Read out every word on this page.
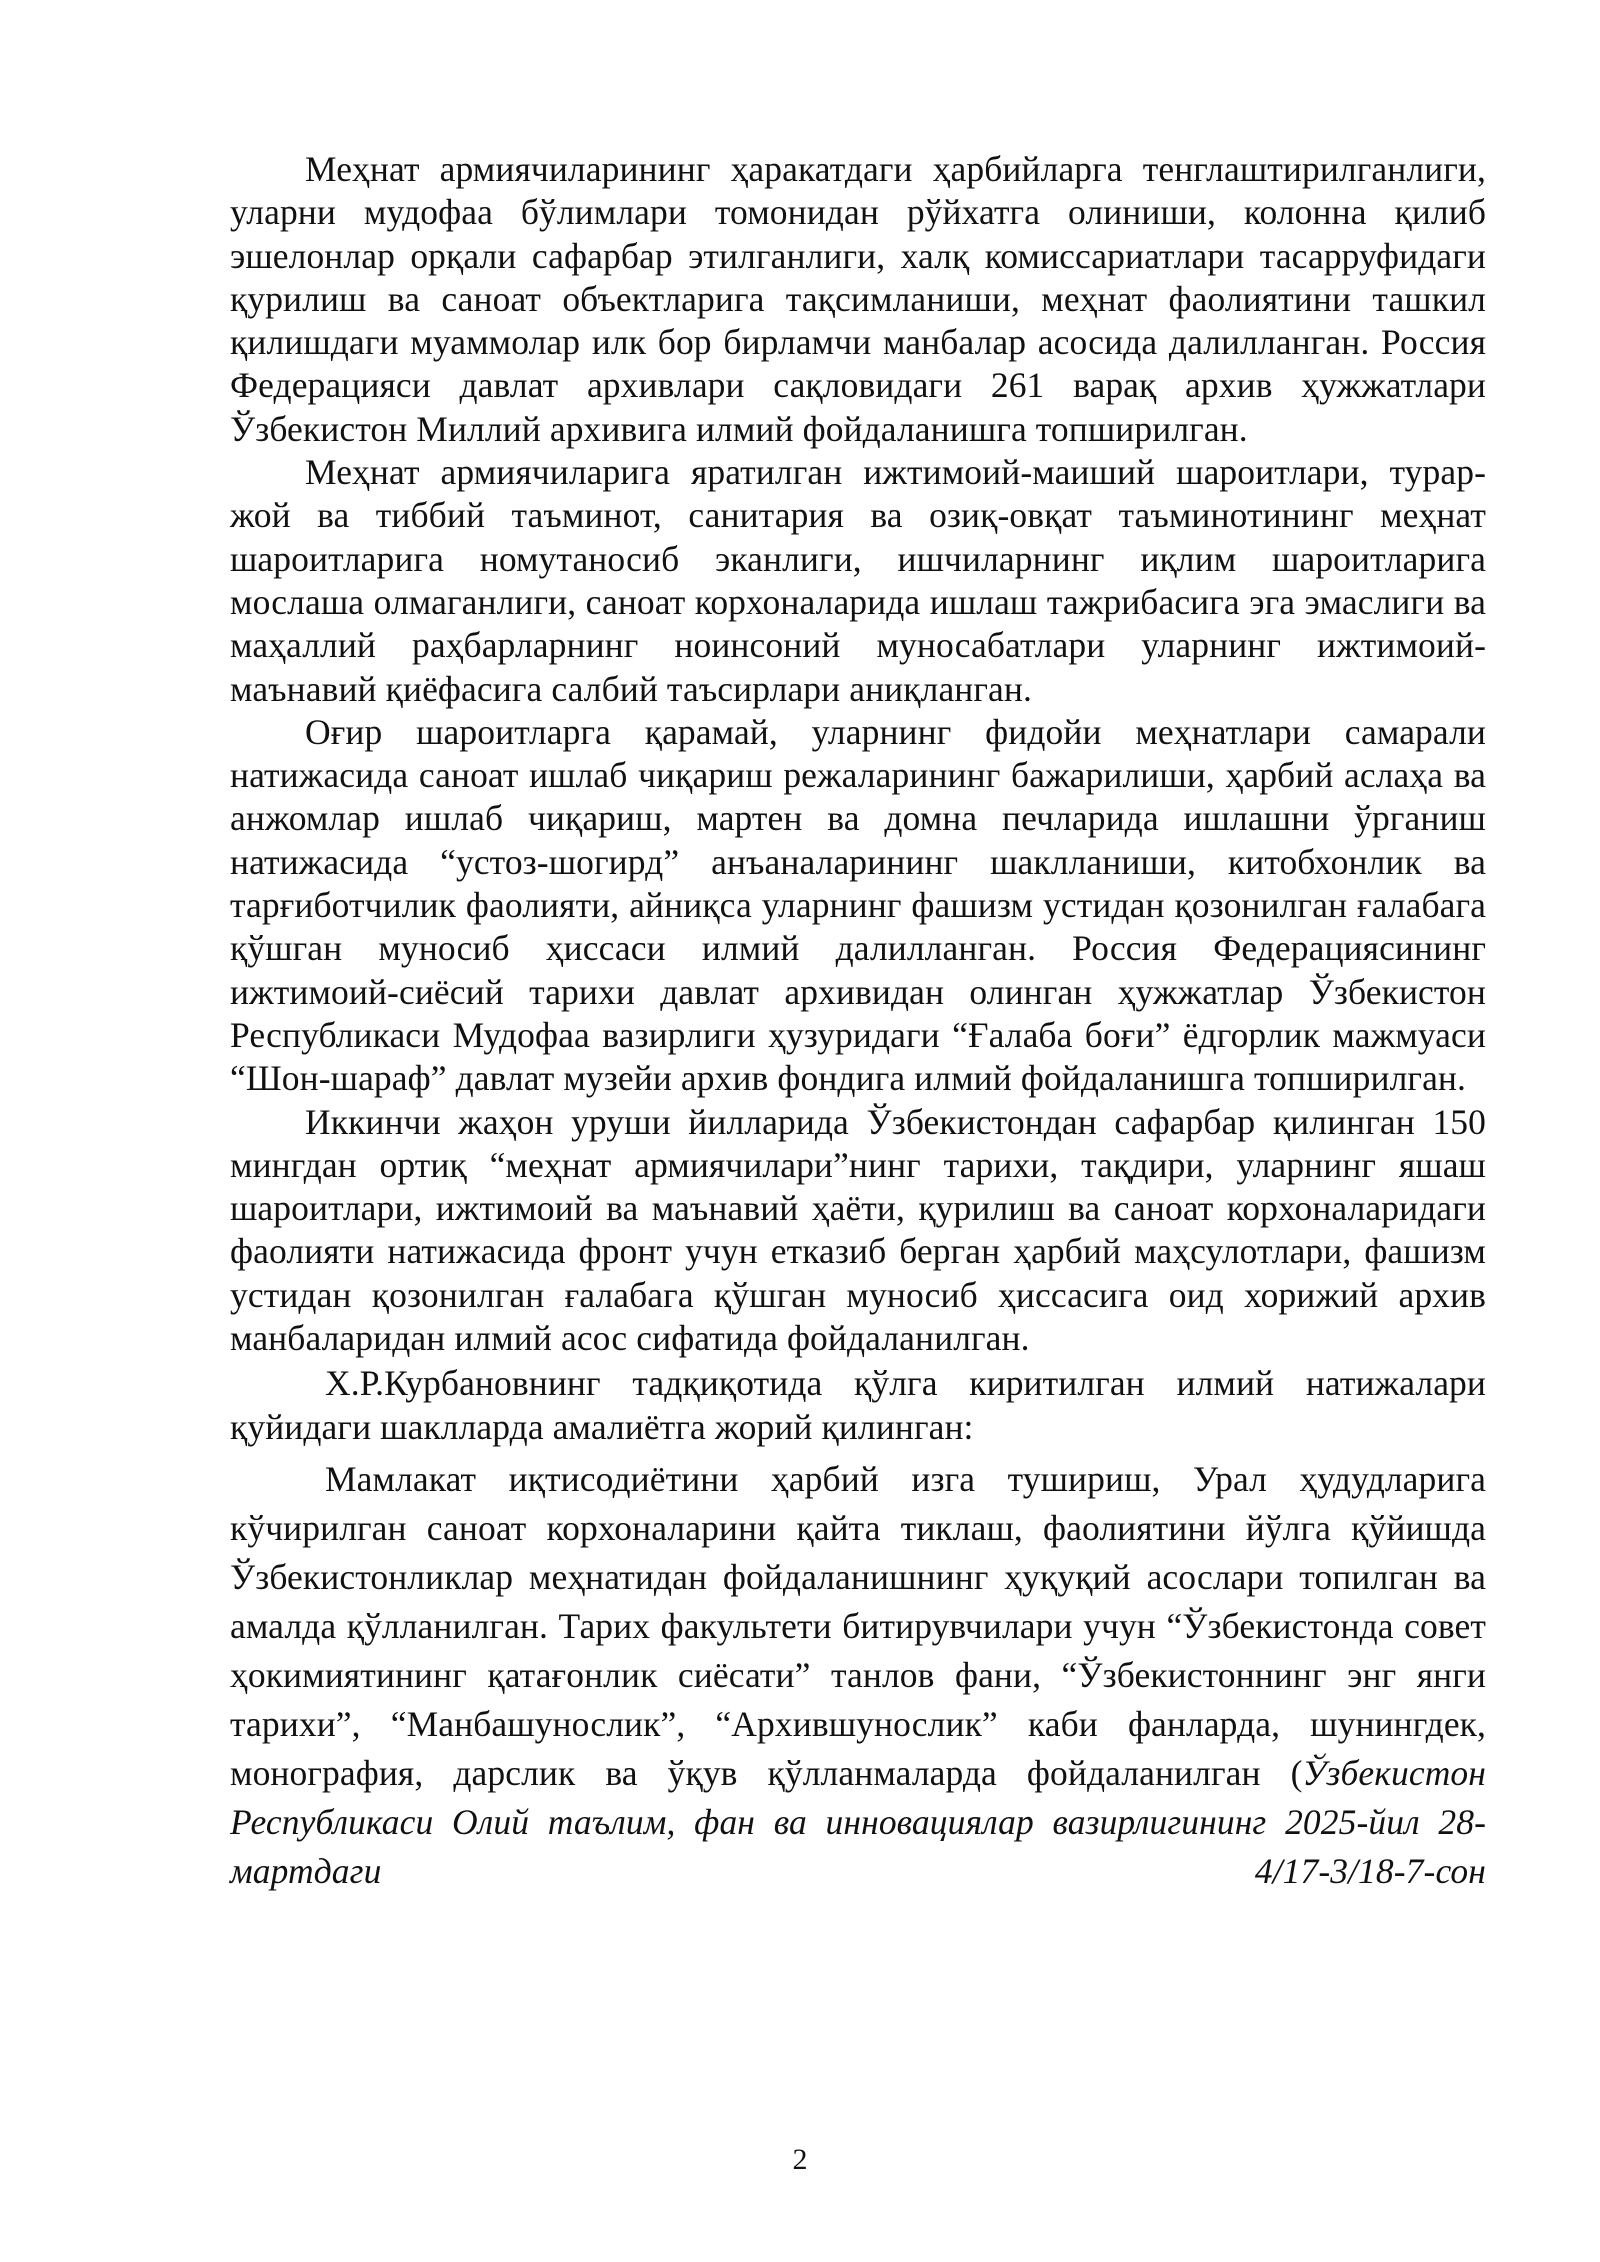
Меҳнат армиячиларининг ҳаракатдаги ҳарбийларга тенглаштирилганлиги, уларни мудофаа бўлимлари томонидан рўйхатга олиниши, колонна қилиб эшелонлар орқали сафарбар этилганлиги, халқ комиссариатлари тасарруфидаги қурилиш ва саноат объектларига тақсимланиши, меҳнат фаолиятини ташкил қилишдаги муаммолар илк бор бирламчи манбалар асосида далилланган. Россия Федерацияси давлат архивлари сақловидаги 261 варақ архив ҳужжатлари Ўзбекистон Миллий архивига илмий фойдаланишга топширилган.

Меҳнат армиячиларига яратилган ижтимоий-маиший шароитлари, турар-жой ва тиббий таъминот, санитария ва озиқ-овқат таъминотининг меҳнат шароитларига номутаносиб эканлиги, ишчиларнинг иқлим шароитларига мослаша олмаганлиги, саноат корхоналарида ишлаш тажрибасига эга эмаслиги ва маҳаллий раҳбарларнинг ноинсоний муносабатлари уларнинг ижтимоий-маънавий қиёфасига салбий таъсирлари аниқланган.

Оғир шароитларга қарамай, уларнинг фидойи меҳнатлари самарали натижасида саноат ишлаб чиқариш режаларининг бажарилиши, ҳарбий аслаҳа ва анжомлар ишлаб чиқариш, мартен ва домна печларида ишлашни ўрганиш натижасида “устоз-шогирд” анъаналарининг шаклланиши, китобхонлик ва тарғиботчилик фаолияти, айниқса уларнинг фашизм устидан қозонилган ғалабага қўшган муносиб ҳиссаси илмий далилланган. Россия Федерациясининг ижтимоий-сиёсий тарихи давлат архивидан олинган ҳужжатлар Ўзбекистон Республикаси Мудофаа вазирлиги ҳузуридаги “Ғалаба боғи” ёдгорлик мажмуаси “Шон-шараф” давлат музейи архив фондига илмий фойдаланишга топширилган.

Иккинчи жаҳон уруши йилларида Ўзбекистондан сафарбар қилинган 150 мингдан ортиқ “меҳнат армиячилари”нинг тарихи, тақдири, уларнинг яшаш шароитлари, ижтимоий ва маънавий ҳаёти, қурилиш ва саноат корхоналаридаги фаолияти натижасида фронт учун етказиб берган ҳарбий маҳсулотлари, фашизм устидан қозонилган ғалабага қўшган муносиб ҳиссасига оид хорижий архив манбаларидан илмий асос сифатида фойдаланилган.

Х.Р.Курбановнинг тадқиқотида қўлга киритилган илмий натижалари қуйидаги шаклларда амалиётга жорий қилинган:

Мамлакат иқтисодиётини ҳарбий изга тушириш, Урал ҳудудларига кўчирилган саноат корхоналарини қайта тиклаш, фаолиятини йўлга қўйишда Ўзбекистонликлар меҳнатидан фойдаланишнинг ҳуқуқий асослари топилган ва амалда қўлланилган. Тарих факультети битирувчилари учун “Ўзбекистонда совет ҳокимиятининг қатағонлик сиёсати” танлов фани, “Ўзбекистоннинг энг янги тарихи”, “Манбашунослик”, “Архившунослик” каби фанларда, шунингдек, монография, дарслик ва ўқув қўлланмаларда фойдаланилган (Ўзбекистон Республикаси Олий таълим, фан ва инновациялар вазирлигининг 2025-йил 28-мартдаги 4/17-3/18-7-сон

2
